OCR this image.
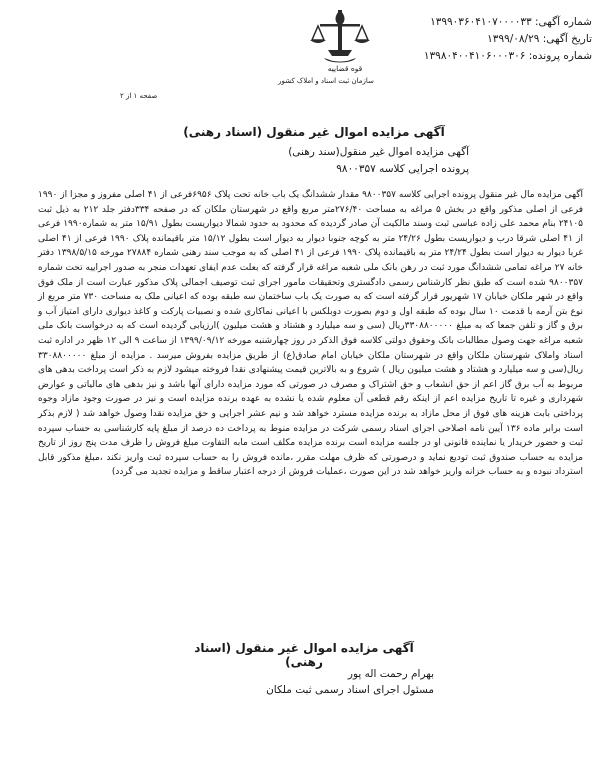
شماره آگهی: ۱۳۹۹۰۳۶۰۴۱۰۷۰۰۰۰۳۳
تاریخ آگهی: ۱۳۹۹/۰۸/۲۹
شماره پرونده: ۱۳۹۸۰۴۰۰۴۱۰۶۰۰۰۳۰۶
قوه قضاییه
سازمان ثبت اسناد و املاک کشور
صفحه ۱ از ۲
آگهی مزایده اموال غیر منقول (اسناد رهنی)
آگهی مزایده اموال غیر منقول(سند رهنی)
پرونده اجرایی کلاسه ۹۸۰۰۳۵۷
آگهی مزایده مال غیر منقول پرونده اجرایی کلاسه ۹۸۰۰۳۵۷ مقدار ششدانگ یک باب خانه تحت پلاک ۶۹۵۶فرعی از ۴۱ اصلی مفروز و مجزا از ۱۹۹۰ فرعی از اصلی مذکور واقع در بخش ۵ مراغه به مساحت ۲۷۶/۴۰متر مربع واقع در شهرستان ملکان که در صفحه ۳۳۴دفتر جلد ۲۱۲ به ذیل ثبت ۲۴۱۰۵ بنام محمد علی زاده عباسی ثبت وسند مالکیت آن صادر گردیده که محدود به حدود شمالا دیواریست بطول ۱۵/۹۱ متر به شماره۱۹۹۰ فرعی از ۴۱ اصلی شرقا درب و دیواریست بطول ۲۴/۲۶ متر به کوچه جنوبا دیوار به دیوار است بطول ۱۵/۱۲ متر باقیمانده پلاک ۱۹۹۰ فرعی از ۴۱ اصلی غربا دیوار به دیوار است بطول ۲۴/۲۴ متر به باقیمانده پلاک ۱۹۹۰ فرعی از ۴۱ اصلی که به موجب سند رهنی شماره ۲۷۸۸۴ مورخه ۱۳۹۸/۵/۱۵ دفتر خانه ۲۷ مراغه تمامی ششدانگ مورد ثبت در رهن بانک ملی شعبه مراغه قرار گرفته که بعلت عدم ایفای تعهدات منجر به صدور اجراییه تحت شماره ۹۸۰۰۳۵۷ شده است که طبق نظر کارشناس رسمی دادگستری وتحقیقات مامور اجرای ثبت توصیف اجمالی پلاک مذکور عبارت است از ملک فوق واقع در شهر ملکان خیابان ۱۷ شهریور قرار گرفته است که به صورت یک باب ساختمان سه طبقه بوده که اعیانی ملک به مساحت ۷۳۰ متر مربع از نوع بتن آرمه با قدمت ۱۰ سال بوده که طبقه اول و دوم بصورت دوبلکس با اعیانی نماکاری شده و نصبیات پارکت و کاغذ دیواری دارای امتیاز آب و برق و گاز و تلفن جمعا که به مبلغ ۳۳۰۸۸۰۰۰۰۰ریال (سی و سه میلیارد و هشتاد و هشت میلیون )ارزیابی گردیده است که به درخواست بانک ملی شعبه مراغه جهت وصول مطالبات بانک وحقوق دولتی کلاسه فوق الذکر در روز چهارشنبه مورخه ۱۳۹۹/۰۹/۱۲ از ساعت ۹ الی ۱۲ ظهر در اداره ثبت اسناد واملاک شهرستان ملکان واقع در شهرستان ملکان خیابان امام صادق(ع) از طریق مزایده بفروش میرسد . مزایده از مبلغ ۳۳۰۸۸۰۰۰۰۰ ریال(سی و سه میلیارد و هشتاد و هشت میلیون ریال ) شروع و به بالاترین قیمت پیشنهادی نقدا فروخته میشود لازم به ذکر است پرداخت بدهی های مربوط به آب برق گاز اعم از حق انشعاب و حق اشتراک و مصرف در صورتی که مورد مزایده دارای آنها باشد و نیز بدهی های مالیاتی و عوارض شهرداری و غیره تا تاریخ مزایده اعم از اینکه رقم قطعی آن معلوم شده یا نشده به عهده برنده مزایده است و نیز در صورت وجود مازاد وجوه پرداختی بابت هزینه های فوق از محل مازاد به برنده مزایده مسترد خواهد شد و نیم عشر اجرایی و حق مزایده نقدا وصول خواهد شد ( لازم بذکر است برابر ماده ۱۳۶ آیین نامه اصلاحی اجرای اسناد رسمی شرکت در مزایده منوط به پرداخت ده درصد از مبلغ پایه کارشناسی به حساب سپرده ثبت و حضور خریدار یا نماینده قانونی او در جلسه مزایده است برنده مزایده مکلف است مابه التفاوت مبلغ فروش را ظرف مدت پنج روز از تاریخ مزایده به حساب صندوق ثبت تودیع نماید و درصورتی که ظرف مهلت مقرر ،مانده فروش را به حساب سپرده ثبت واریز نکند ،مبلغ مذکور قابل استرداد نبوده و به حساب خزانه واریز خواهد شد در این صورت ،عملیات فروش از درجه اعتبار ساقط و مزایده تجدید می گردد)
آگهی مزایده اموال غیر منقول (اسناد رهنی)
بهرام رحمت اله پور
مسئول اجرای اسناد رسمی ثبت ملکان
